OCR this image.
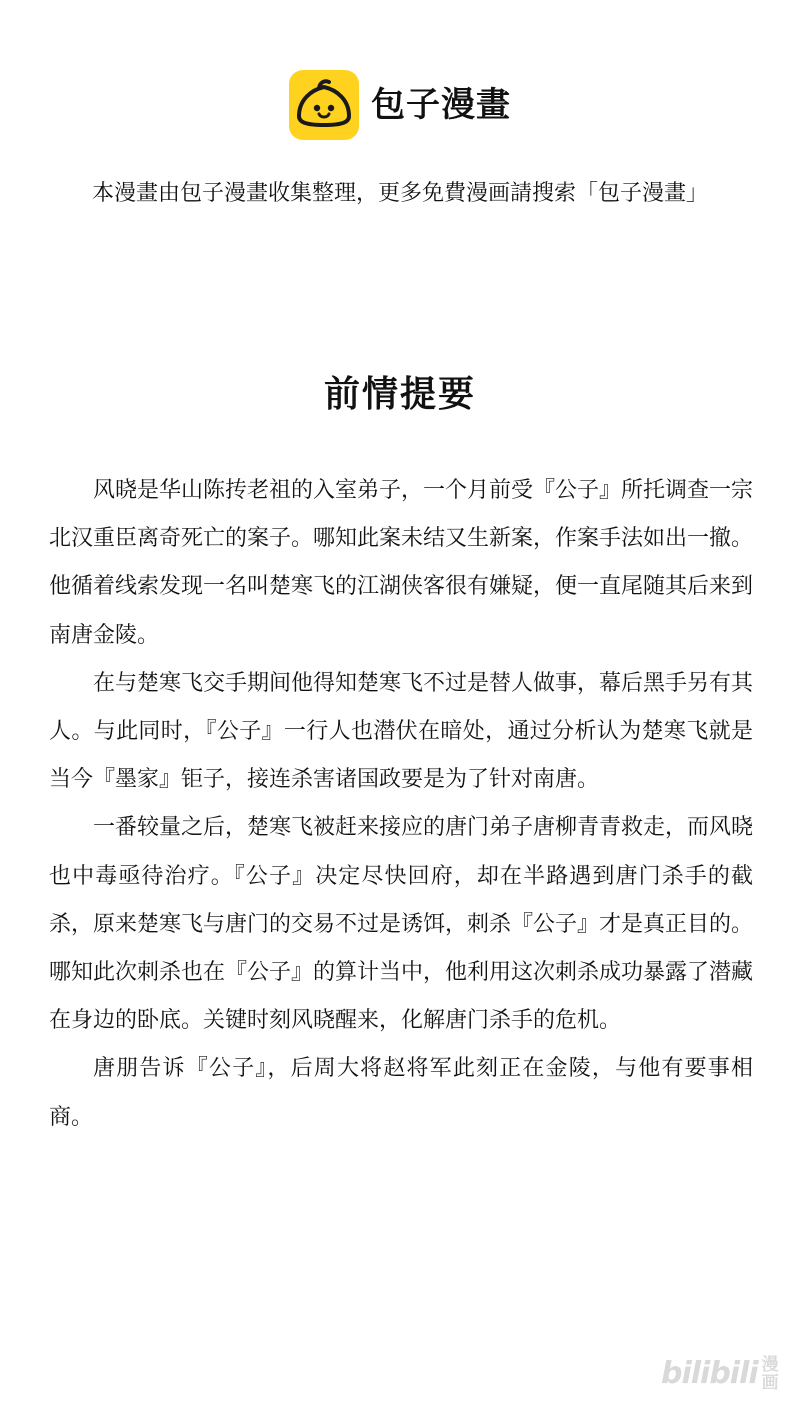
包子漫畫
本漫畫由包子漫畫收集整理，更多免費漫画請搜索「包子漫畫」
前情提要

风晓是华山陈抟老祖的入室弟子，一个月前受『公子』所托调查一宗北汉重臣离奇死亡的案子。哪知此案未结又生新案，作案手法如出一撤。他循着线索发现一名叫楚寒飞的江湖侠客很有嫌疑，便一直尾随其后来到南唐金陵。

在与楚寒飞交手期间他得知楚寒飞不过是替人做事，幕后黑手另有其人。与此同时，『公子』一行人也潜伏在暗处，通过分析认为楚寒飞就是当今『墨家』钜子，接连杀害诸国政要是为了针对南唐。

一番较量之后，楚寒飞被赶来接应的唐门弟子唐柳青青救走，而风晓也中毒亟待治疗。『公子』决定尽快回府，却在半路遇到唐门杀手的截杀，原来楚寒飞与唐门的交易不过是诱饵，刺杀『公子』才是真正目的。哪知此次刺杀也在『公子』的算计当中，他利用这次刺杀成功暴露了潜藏在身边的卧底。关键时刻风晓醒来，化解唐门杀手的危机。

唐朋告诉『公子』，后周大将赵将军此刻正在金陵，与他有要事相商。

bilibili 漫
画
